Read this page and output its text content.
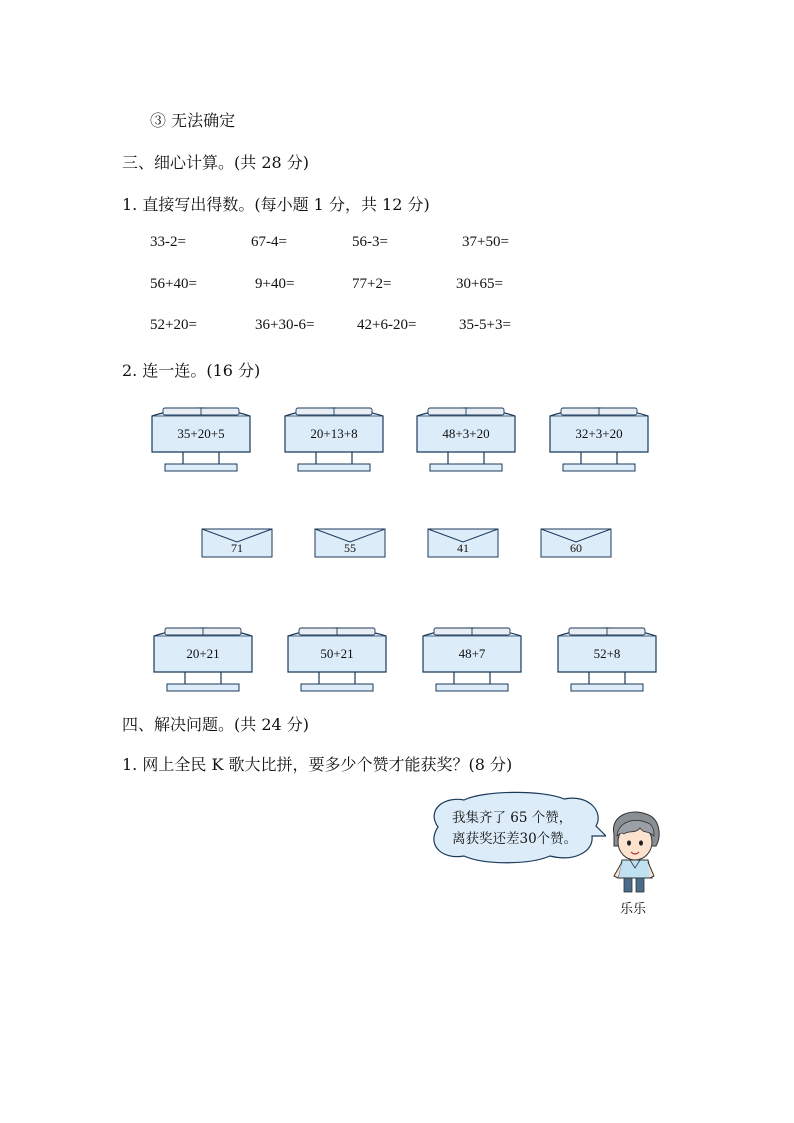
③ 无法确定
三、细心计算。(共 28 分)
1. 直接写出得数。(每小题 1 分，共 12 分)
33-2=	67-4=	56-3=	37+50=
56+40=	9+40=	77+2=	30+65=
52+20=	36+30-6=	42+6-20=	35-5+3=
2. 连一连。(16 分)
35+20+5	20+13+8	48+3+20	32+3+20
71	55	41	60
20+21	50+21	48+7	52+8
四、解决问题。(共 24 分)
1. 网上全民 K 歌大比拼，要多少个赞才能获奖？(8 分)
我集齐了 65 个赞，
离获奖还差30个赞。
乐乐
